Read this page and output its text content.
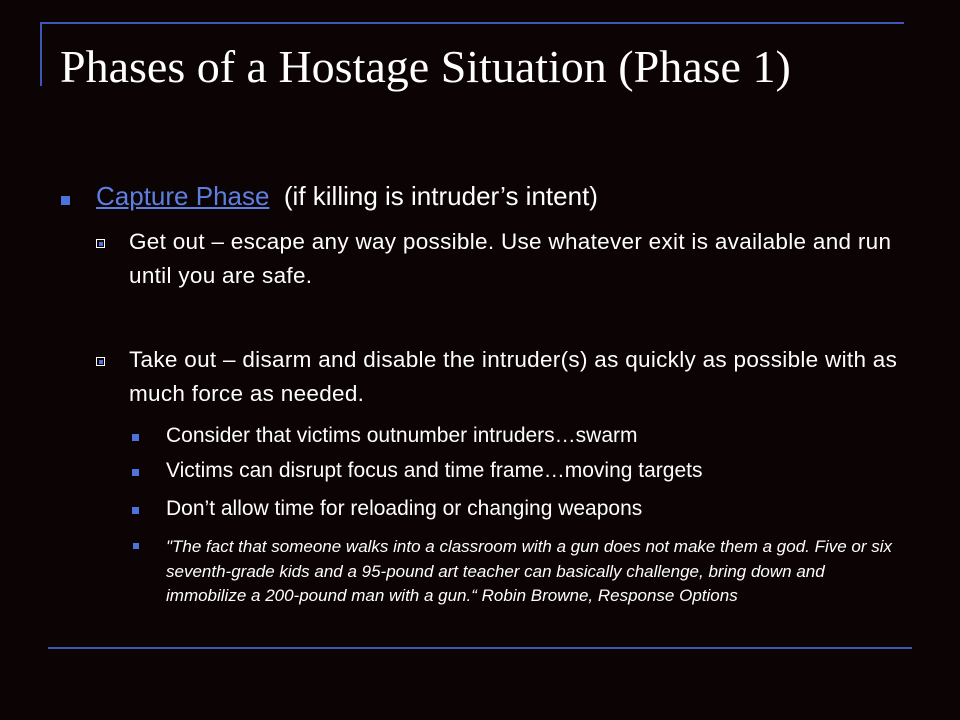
Phases of a Hostage Situation (Phase 1)
Capture Phase  (if killing is intruder’s intent)
Get out – escape any way possible. Use whatever exit is available and run until you are safe.
Take out – disarm and disable the intruder(s) as quickly as possible with as much force as needed.
Consider that victims outnumber intruders…swarm
Victims can disrupt focus and time frame…moving targets
Don’t allow time for reloading or changing weapons
"The fact that someone walks into a classroom with a gun does not make them a god. Five or six seventh-grade kids and a 95-pound art teacher can basically challenge, bring down and immobilize a 200-pound man with a gun.“ Robin Browne, Response Options
